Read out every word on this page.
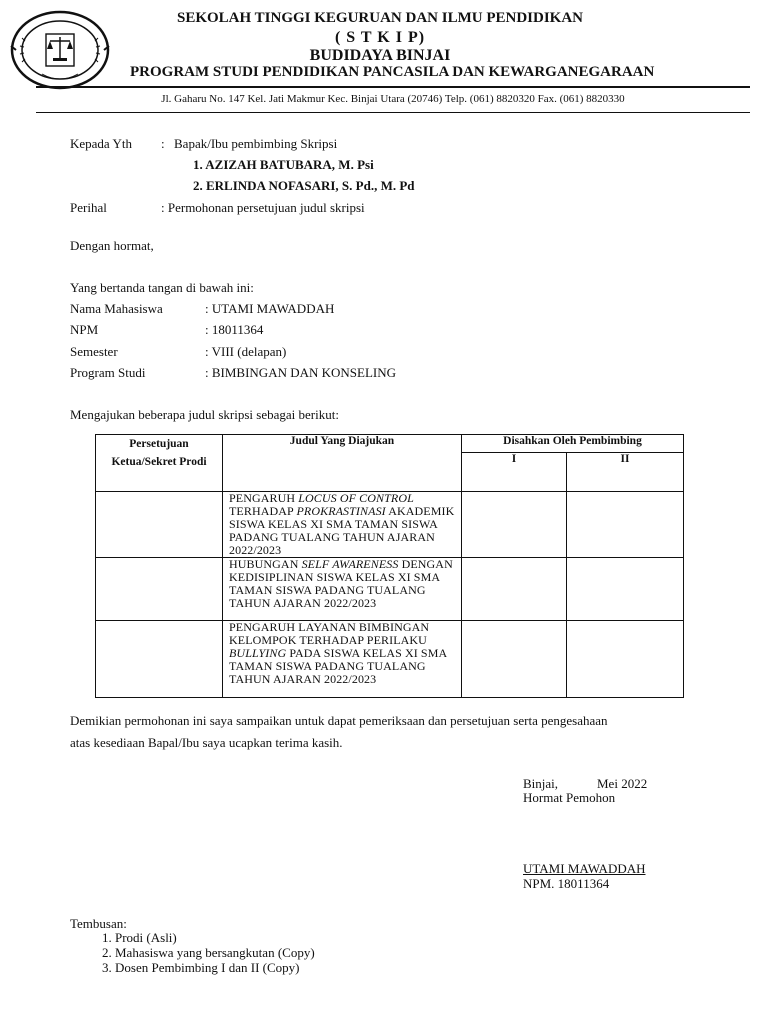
SEKOLAH TINGGI KEGURUAN DAN ILMU PENDIDIKAN
( S T K I P)
BUDIDAYA BINJAI
PROGRAM STUDI PENDIDIKAN PANCASILA DAN KEWARGANEGARAAN
Jl. Gaharu No. 147 Kel. Jati Makmur Kec. Binjai Utara (20746) Telp. (061) 8820320 Fax. (061) 8820330
Kepada Yth : Bapak/Ibu pembimbing Skripsi
1. AZIZAH BATUBARA, M. Psi
2. ERLINDA NOFASARI, S. Pd., M. Pd
Perihal	: Permohonan persetujuan judul skripsi
Dengan hormat,
Yang bertanda tangan di bawah ini:
Nama Mahasiswa	: UTAMI MAWADDAH
NPM	: 18011364
Semester	: VIII (delapan)
Program Studi	: BIMBINGAN DAN KONSELING
Mengajukan beberapa judul skripsi sebagai berikut:
Persetujuan Ketua/Sekret Prodi	Judul Yang Diajukan	Disahkan Oleh Pembimbing	
		I	II
	PENGARUH LOCUS OF CONTROL TERHADAP PROKRASTINASI AKADEMIK SISWA KELAS XI SMA TAMAN SISWA PADANG TUALANG TAHUN AJARAN 2022/2023		
	HUBUNGAN SELF AWARENESS DENGAN KEDISIPLINAN SISWA KELAS XI SMA TAMAN SISWA PADANG TUALANG TAHUN AJARAN 2022/2023		
	PENGARUH LAYANAN BIMBINGAN KELOMPOK TERHADAP PERILAKU BULLYING PADA SISWA KELAS XI SMA TAMAN SISWA PADANG TUALANG TAHUN AJARAN 2022/2023		
Demikian permohonan ini saya sampaikan untuk dapat pemeriksaan dan persetujuan serta pengesahaan
atas kesediaan Bapal/Ibu saya ucapkan terima kasih.
Binjai,	Mei 2022
Hormat Pemohon
UTAMI MAWADDAH
NPM. 18011364
Tembusan:
1. Prodi (Asli)
2. Mahasiswa yang bersangkutan (Copy)
3. Dosen Pembimbing I dan II (Copy)
